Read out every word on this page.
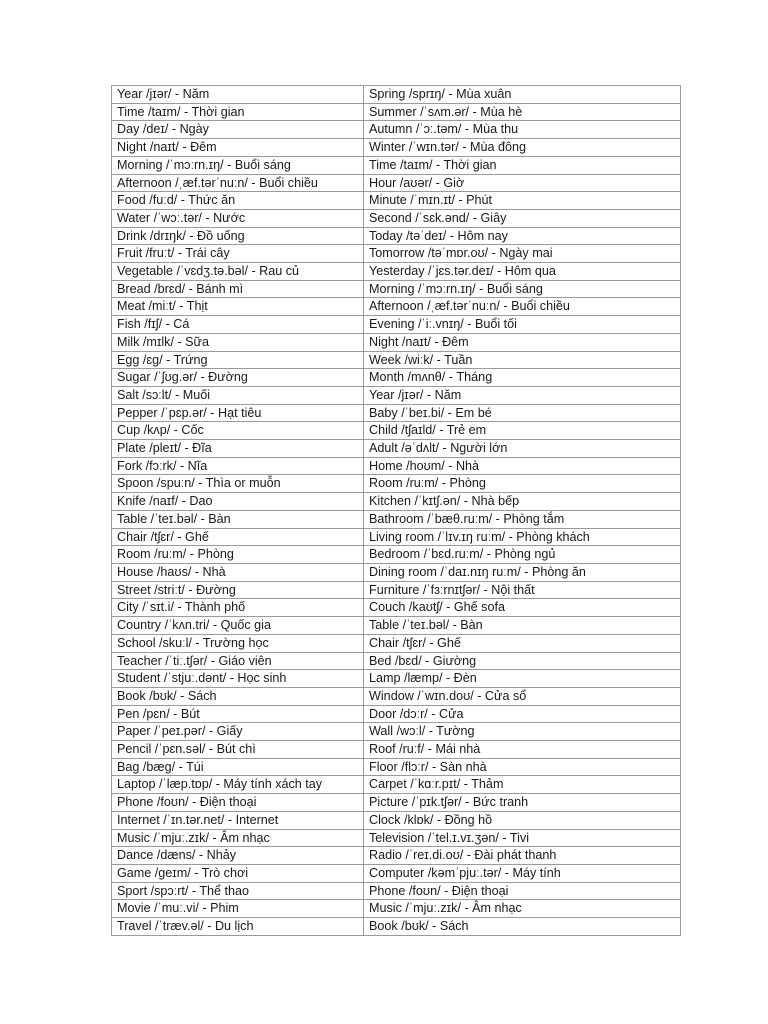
Year /jɪər/ - Năm	Spring /sprɪŋ/ - Mùa xuân
Time /taɪm/ - Thời gian	Summer /ˈsʌm.ər/ - Mùa hè
Day /deɪ/ - Ngày	Autumn /ˈɔː.təm/ - Mùa thu
Night /naɪt/ - Đêm	Winter /ˈwɪn.tər/ - Mùa đông
Morning /ˈmɔːrn.ɪŋ/ - Buổi sáng	Time /taɪm/ - Thời gian
Afternoon /ˌæf.tərˈnuːn/ - Buổi chiều	Hour /aʊər/ - Giờ
Food /fuːd/ - Thức ăn	Minute /ˈmɪn.ɪt/ - Phút
Water /ˈwɔː.tər/ - Nước	Second /ˈsɛk.ənd/ - Giây
Drink /drɪŋk/ - Đồ uống	Today /təˈdeɪ/ - Hôm nay
Fruit /fruːt/ - Trái cây	Tomorrow /təˈmɒr.oʊ/ - Ngày mai
Vegetable /ˈvɛdʒ.tə.bəl/ - Rau củ	Yesterday /ˈjɛs.tər.deɪ/ - Hôm qua
Bread /brɛd/ - Bánh mì	Morning /ˈmɔːrn.ɪŋ/ - Buổi sáng
Meat /miːt/ - Thịt	Afternoon /ˌæf.tərˈnuːn/ - Buổi chiều
Fish /fɪʃ/ - Cá	Evening /ˈiː.vnɪŋ/ - Buổi tối
Milk /mɪlk/ - Sữa	Night /naɪt/ - Đêm
Egg /ɛɡ/ - Trứng	Week /wiːk/ - Tuần
Sugar /ˈʃʊɡ.ər/ - Đường	Month /mʌnθ/ - Tháng
Salt /sɔːlt/ - Muối	Year /jɪər/ - Năm
Pepper /ˈpɛp.ər/ - Hạt tiêu	Baby /ˈbeɪ.bi/ - Em bé
Cup /kʌp/ - Cốc	Child /tʃaɪld/ - Trẻ em
Plate /pleɪt/ - Đĩa	Adult /əˈdʌlt/ - Người lớn
Fork /fɔːrk/ - Nĩa	Home /hoʊm/ - Nhà
Spoon /spuːn/ - Thìa or muỗn	Room /ruːm/ - Phòng
Knife /naɪf/ - Dao	Kitchen /ˈkɪtʃ.ən/ - Nhà bếp
Table /ˈteɪ.bəl/ - Bàn	Bathroom /ˈbæθ.ruːm/ - Phòng tắm
Chair /tʃɛr/ - Ghế	Living room /ˈlɪv.ɪŋ ruːm/ - Phòng khách
Room /ruːm/ - Phòng	Bedroom /ˈbɛd.ruːm/ - Phòng ngủ
House /haʊs/ - Nhà	Dining room /ˈdaɪ.nɪŋ ruːm/ - Phòng ăn
Street /striːt/ - Đường	Furniture /ˈfɜːrnɪtʃər/ - Nội thất
City /ˈsɪt.i/ - Thành phố	Couch /kaʊtʃ/ - Ghế sofa
Country /ˈkʌn.tri/ - Quốc gia	Table /ˈteɪ.bəl/ - Bàn
School /skuːl/ - Trường học	Chair /tʃɛr/ - Ghế
Teacher /ˈtiː.tʃər/ - Giáo viên	Bed /bɛd/ - Giường
Student /ˈstjuː.dənt/ - Học sinh	Lamp /læmp/ - Đèn
Book /bʊk/ - Sách	Window /ˈwɪn.doʊ/ - Cửa sổ
Pen /pɛn/ - Bút	Door /dɔːr/ - Cửa
Paper /ˈpeɪ.pər/ - Giấy	Wall /wɔːl/ - Tường
Pencil /ˈpɛn.səl/ - Bút chì	Roof /ruːf/ - Mái nhà
Bag /bæɡ/ - Túi	Floor /flɔːr/ - Sàn nhà
Laptop /ˈlæp.tɒp/ - Máy tính xách tay	Carpet /ˈkɑːr.pɪt/ - Thảm
Phone /foʊn/ - Điện thoại	Picture /ˈpɪk.tʃər/ - Bức tranh
Internet /ˈɪn.tər.net/ - Internet	Clock /klɒk/ - Đồng hồ
Music /ˈmjuː.zɪk/ - Âm nhạc	Television /ˈtel.ɪ.vɪ.ʒən/ - Tivi
Dance /dæns/ - Nhảy	Radio /ˈreɪ.di.oʊ/ - Đài phát thanh
Game /ɡeɪm/ - Trò chơi	Computer /kəmˈpjuː.tər/ - Máy tính
Sport /spɔːrt/ - Thể thao	Phone /foʊn/ - Điện thoại
Movie /ˈmuː.vi/ - Phim	Music /ˈmjuː.zɪk/ - Âm nhạc
Travel /ˈtræv.əl/ - Du lịch	Book /bʊk/ - Sách
